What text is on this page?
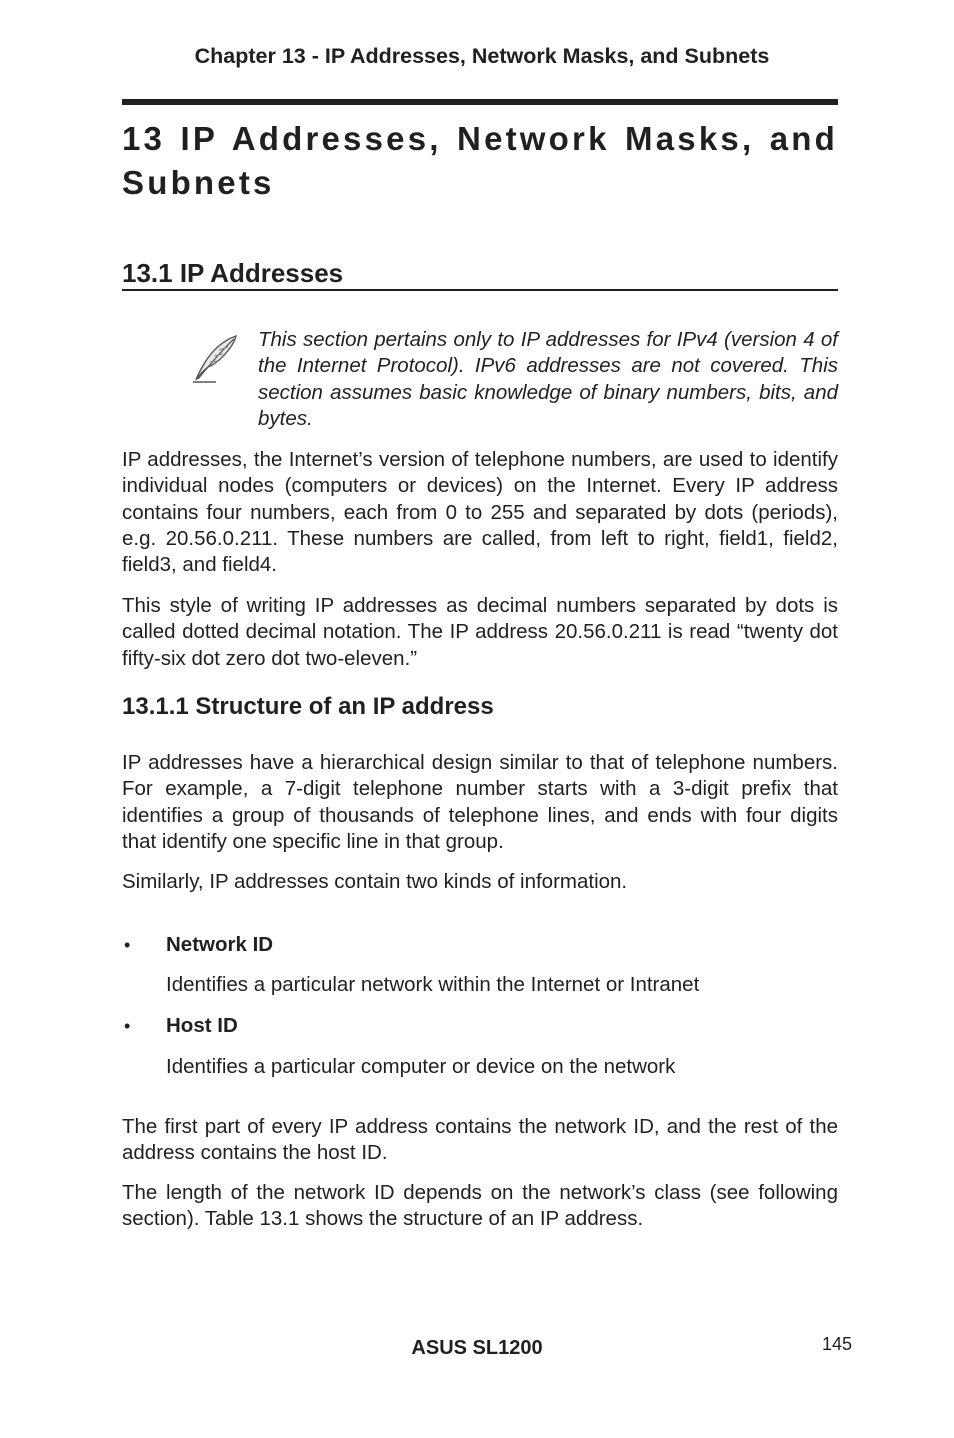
Chapter 13 - IP Addresses, Network Masks, and Subnets
13 IP Addresses, Network Masks, and Subnets
13.1 IP Addresses

This section pertains only to IP addresses for IPv4 (version 4 of the Internet Protocol). IPv6 addresses are not covered. This section assumes basic knowledge of binary numbers, bits, and bytes.

IP addresses, the Internet’s version of telephone numbers, are used to identify individual nodes (computers or devices) on the Internet. Every IP address contains four numbers, each from 0 to 255 and separated by dots (periods), e.g. 20.56.0.211. These numbers are called, from left to right, field1, field2, field3, and field4.

This style of writing IP addresses as decimal numbers separated by dots is called dotted decimal notation. The IP address 20.56.0.211 is read “twenty dot fifty-six dot zero dot two-eleven.”

13.1.1 Structure of an IP address

IP addresses have a hierarchical design similar to that of telephone numbers. For example, a 7-digit telephone number starts with a 3-digit prefix that identifies a group of thousands of telephone lines, and ends with four digits that identify one specific line in that group.

Similarly, IP addresses contain two kinds of information.

• Network ID
Identifies a particular network within the Internet or Intranet
• Host ID
Identifies a particular computer or device on the network

The first part of every IP address contains the network ID, and the rest of the address contains the host ID.

The length of the network ID depends on the network’s class (see following section). Table 13.1 shows the structure of an IP address.

ASUS SL1200	145
